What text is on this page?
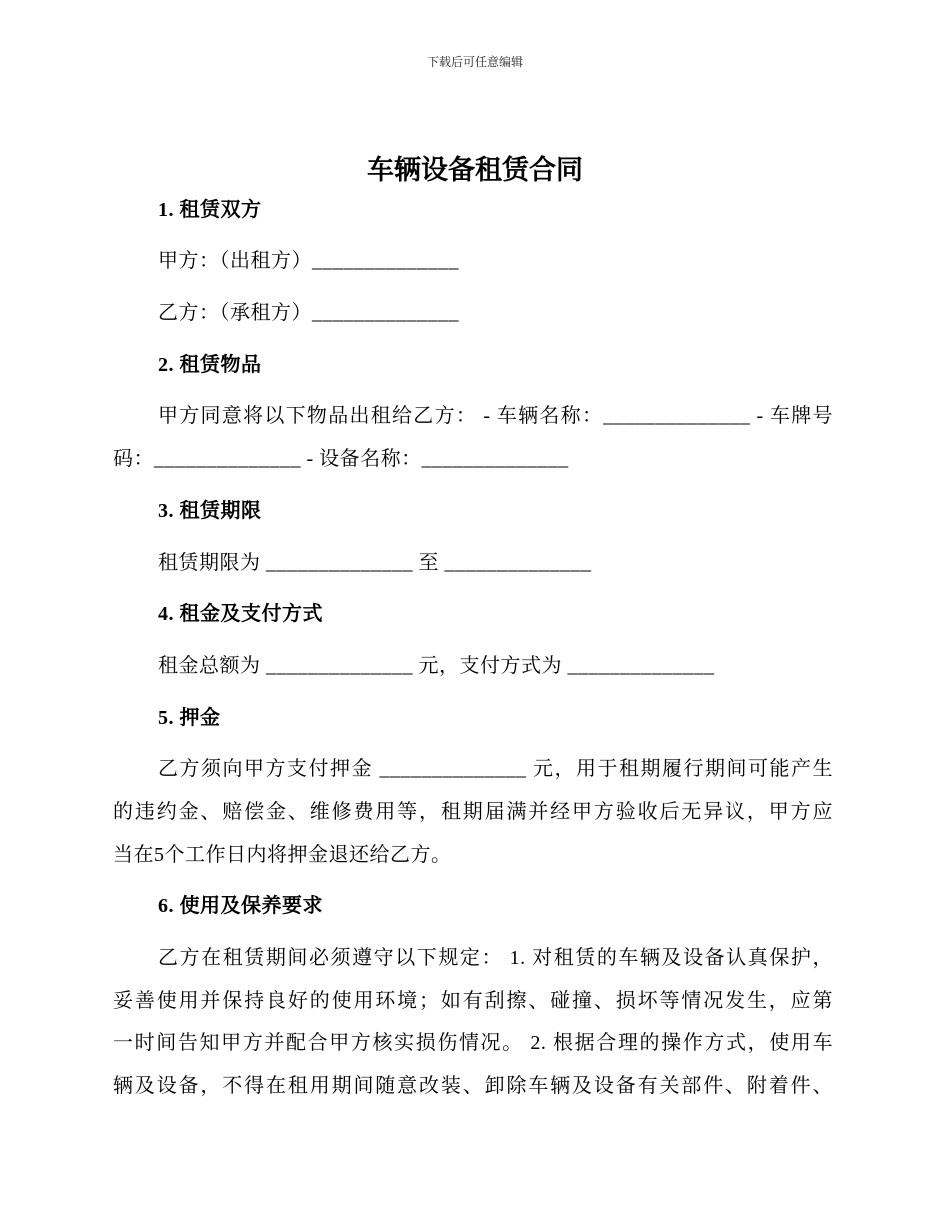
下载后可任意编辑
车辆设备租赁合同
1. 租赁双方
甲方：（出租方）______________
乙方：（承租方）______________
2. 租赁物品
甲方同意将以下物品出租给乙方： - 车辆名称：______________ - 车牌号
码：______________ - 设备名称：______________
3. 租赁期限
租赁期限为 ______________ 至 ______________
4. 租金及支付方式
租金总额为 ______________ 元，支付方式为 ______________
5. 押金
乙方须向甲方支付押金 ______________ 元，用于租期履行期间可能产生
的违约金、赔偿金、维修费用等，租期届满并经甲方验收后无异议，甲方应
当在5个工作日内将押金退还给乙方。
6. 使用及保养要求
乙方在租赁期间必须遵守以下规定： 1. 对租赁的车辆及设备认真保护，
妥善使用并保持良好的使用环境；如有刮擦、碰撞、损坏等情况发生，应第
一时间告知甲方并配合甲方核实损伤情况。 2. 根据合理的操作方式，使用车
辆及设备，不得在租用期间随意改装、卸除车辆及设备有关部件、附着件、
